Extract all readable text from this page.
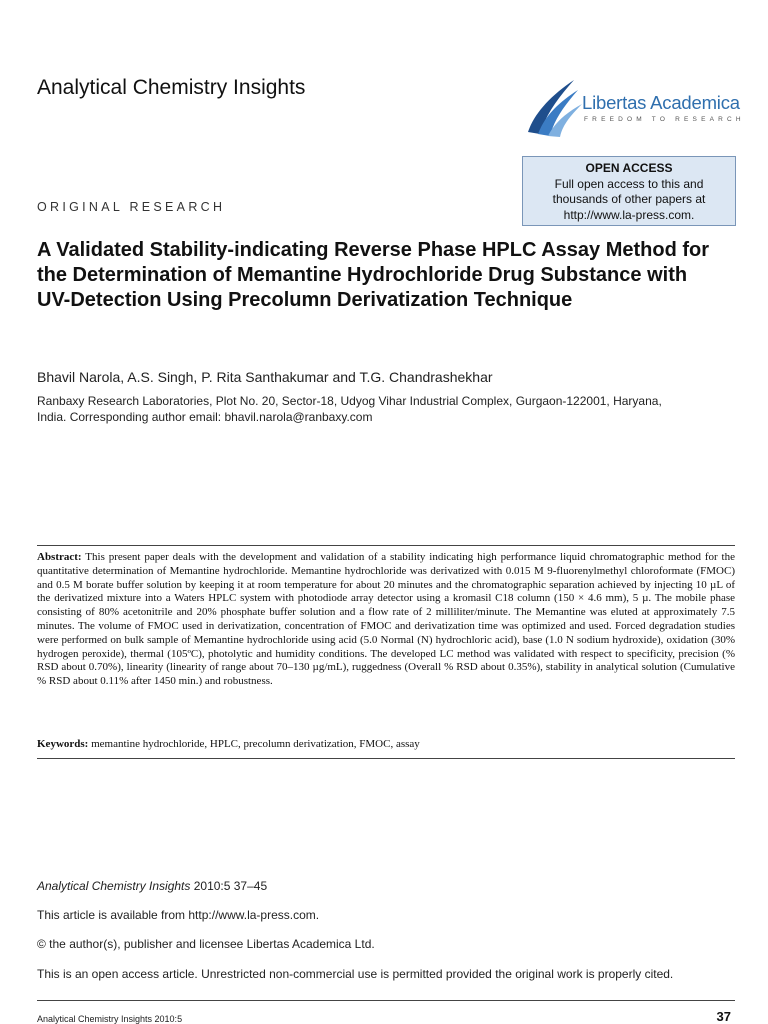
Analytical Chemistry Insights
Libertas Academica
FREEDOM TO RESEARCH
OPEN ACCESS
Full open access to this and thousands of other papers at http://www.la-press.com.
ORIGINAL RESEARCH
A Validated Stability-indicating Reverse Phase HPLC Assay Method for the Determination of Memantine Hydrochloride Drug Substance with UV-Detection Using Precolumn Derivatization Technique
Bhavil Narola, A.S. Singh, P. Rita Santhakumar and T.G. Chandrashekhar
Ranbaxy Research Laboratories, Plot No. 20, Sector-18, Udyog Vihar Industrial Complex, Gurgaon-122001, Haryana, India. Corresponding author email: bhavil.narola@ranbaxy.com

Abstract: This present paper deals with the development and validation of a stability indicating high performance liquid chromatographic method for the quantitative determination of Memantine hydrochloride. Memantine hydrochloride was derivatized with 0.015 M 9-fluorenylmethyl chloroformate (FMOC) and 0.5 M borate buffer solution by keeping it at room temperature for about 20 minutes and the chromatographic separation achieved by injecting 10 µL of the derivatized mixture into a Waters HPLC system with photodiode array detector using a kromasil C18 column (150 × 4.6 mm), 5 µ. The mobile phase consisting of 80% acetonitrile and 20% phosphate buffer solution and a flow rate of 2 milliliter/minute. The Memantine was eluted at approximately 7.5 minutes. The volume of FMOC used in derivatization, concentration of FMOC and derivatization time was optimized and used. Forced degradation studies were performed on bulk sample of Memantine hydrochloride using acid (5.0 Normal (N) hydrochloric acid), base (1.0 N sodium hydroxide), oxidation (30% hydrogen peroxide), thermal (105ºC), photolytic and humidity conditions. The developed LC method was validated with respect to specificity, precision (% RSD about 0.70%), linearity (linearity of range about 70–130 µg/mL), ruggedness (Overall % RSD about 0.35%), stability in analytical solution (Cumulative % RSD about 0.11% after 1450 min.) and robustness.

Keywords: memantine hydrochloride, HPLC, precolumn derivatization, FMOC, assay

Analytical Chemistry Insights 2010:5 37–45
This article is available from http://www.la-press.com.
© the author(s), publisher and licensee Libertas Academica Ltd.
This is an open access article. Unrestricted non-commercial use is permitted provided the original work is properly cited.
Analytical Chemistry Insights 2010:5	37
